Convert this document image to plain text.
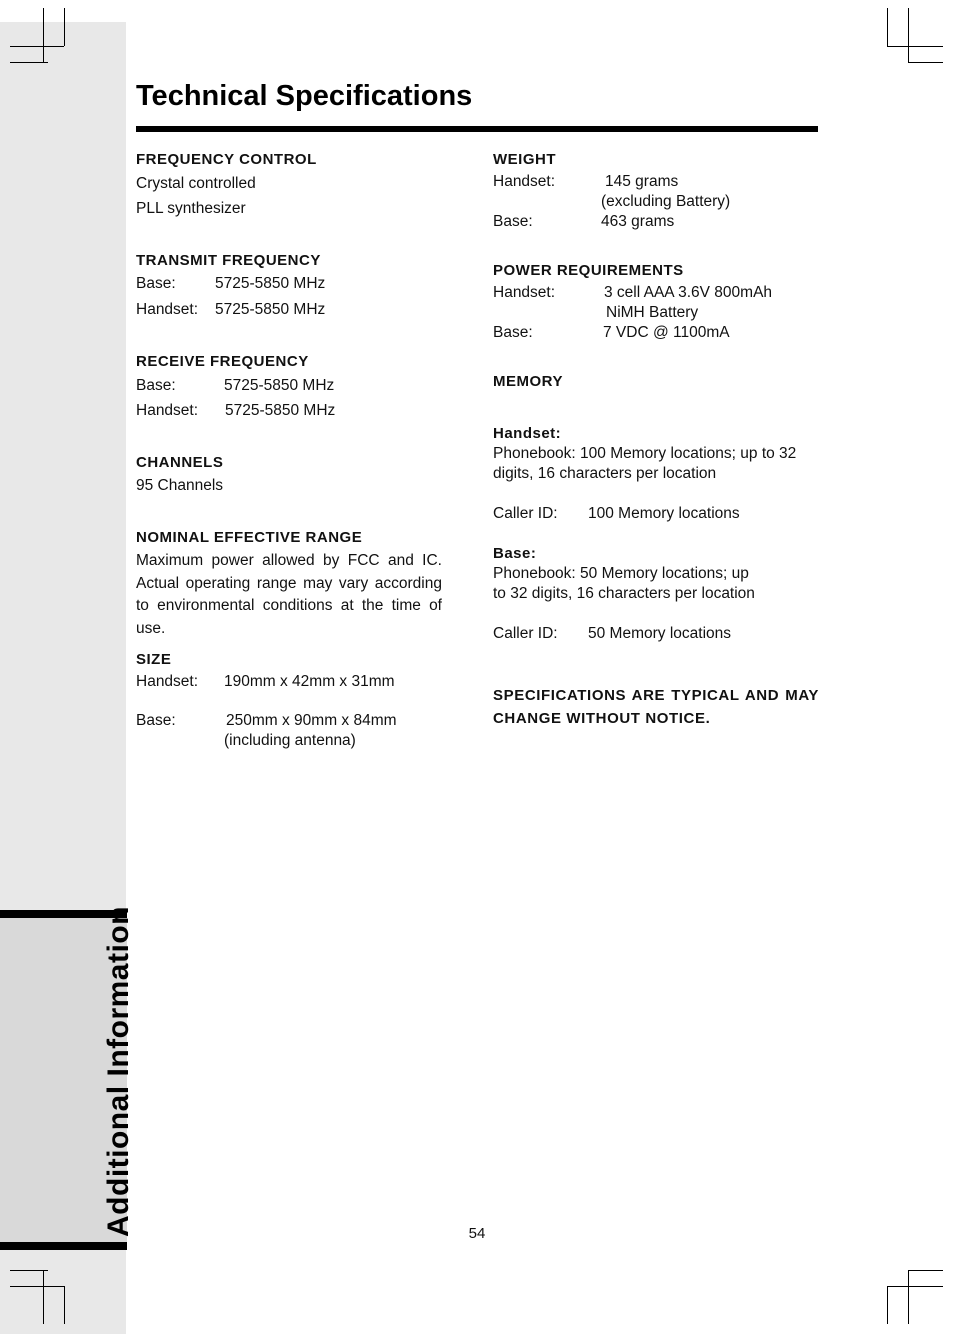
Additional Information
Technical Specifications
FREQUENCY CONTROL
Crystal controlled
PLL synthesizer
TRANSMIT FREQUENCY
Base:	5725-5850 MHz
Handset:	5725-5850 MHz
RECEIVE FREQUENCY
Base:	5725-5850 MHz
Handset:	5725-5850 MHz
CHANNELS
95 Channels
NOMINAL EFFECTIVE RANGE
Maximum power allowed by FCC and IC. Actual operating range may vary according to environmental conditions at the time of use.
SIZE
Handset:	190mm x 42mm x 31mm
Base:	250mm x 90mm x 84mm
(including antenna)
WEIGHT
Handset:	145 grams
(excluding Battery)
Base:	463 grams
POWER REQUIREMENTS
Handset:	3 cell AAA 3.6V 800mAh
NiMH Battery
Base:	7 VDC @ 1100mA
MEMORY
Handset:
Phonebook: 100 Memory locations; up to 32 digits, 16 characters per location
Caller ID:	100 Memory locations
Base:
Phonebook: 50 Memory locations; up
to 32 digits, 16 characters per location
Caller ID:	50 Memory locations
SPECIFICATIONS ARE TYPICAL AND MAY CHANGE WITHOUT NOTICE.
54
